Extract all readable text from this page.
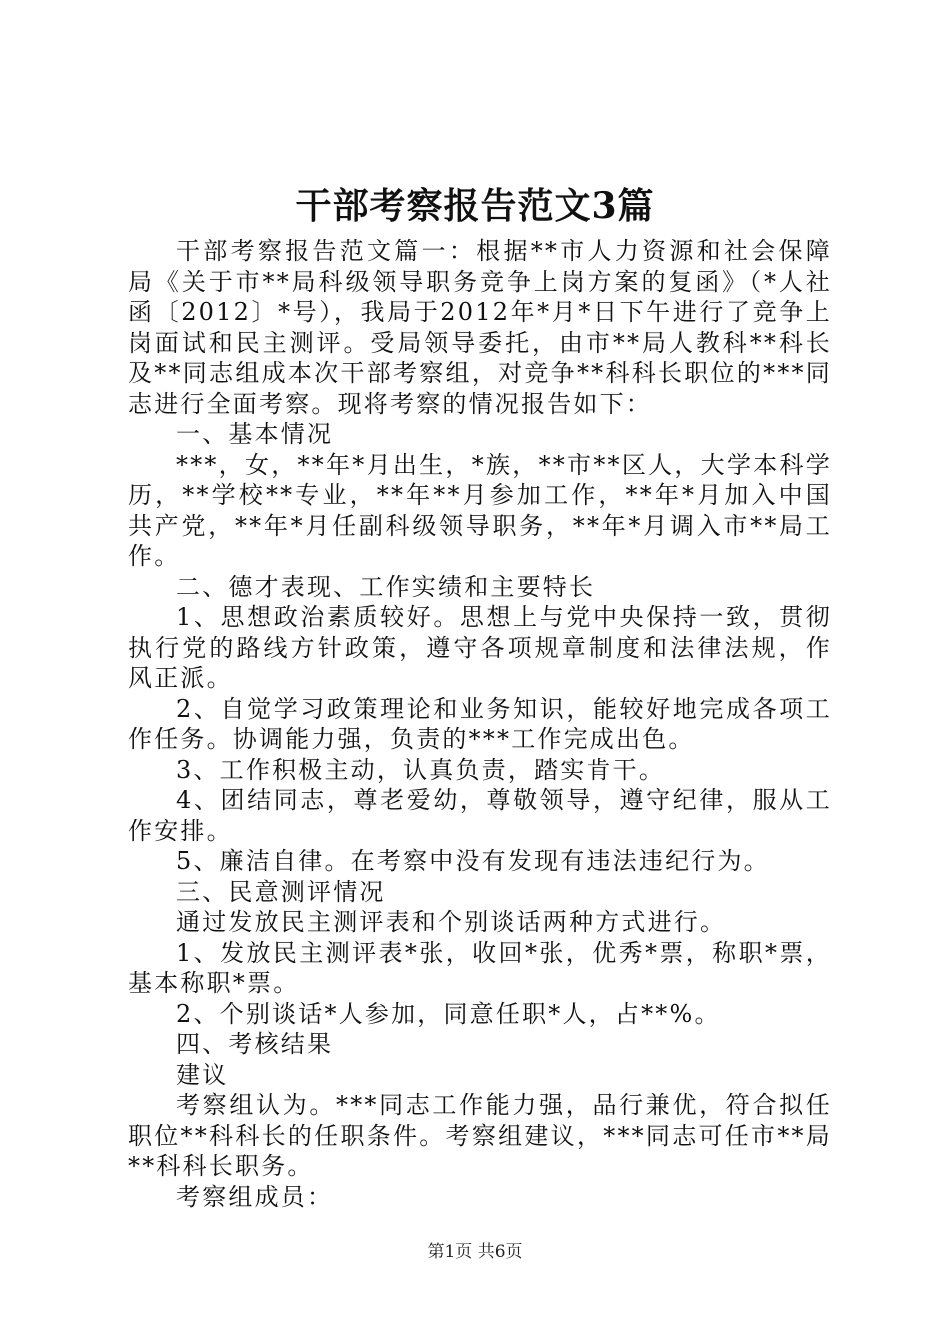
干部考察报告范文3篇

干部考察报告范文篇一：根据**市人力资源和社会保障局《关于市**局科级领导职务竞争上岗方案的复函》（*人社函〔2012〕*号），我局于2012年*月*日下午进行了竞争上岗面试和民主测评。受局领导委托，由市**局人教科**科长及**同志组成本次干部考察组，对竞争**科科长职位的***同志进行全面考察。现将考察的情况报告如下：

一、基本情况

***，女，**年*月出生，*族，**市**区人，大学本科学历，**学校**专业，**年**月参加工作，**年*月加入中国共产党，**年*月任副科级领导职务，**年*月调入市**局工作。

二、德才表现、工作实绩和主要特长

1、思想政治素质较好。思想上与党中央保持一致，贯彻执行党的路线方针政策，遵守各项规章制度和法律法规，作风正派。

2、自觉学习政策理论和业务知识，能较好地完成各项工作任务。协调能力强，负责的***工作完成出色。

3、工作积极主动，认真负责，踏实肯干。

4、团结同志，尊老爱幼，尊敬领导，遵守纪律，服从工作安排。

5、廉洁自律。在考察中没有发现有违法违纪行为。

三、民意测评情况

通过发放民主测评表和个别谈话两种方式进行。

1、发放民主测评表*张，收回*张，优秀*票，称职*票，基本称职*票。

2、个别谈话*人参加，同意任职*人，占**%。

四、考核结果

建议

考察组认为。***同志工作能力强，品行兼优，符合拟任职位**科科长的任职条件。考察组建议，***同志可任市**局**科科长职务。

考察组成员：

第1页 共6页
